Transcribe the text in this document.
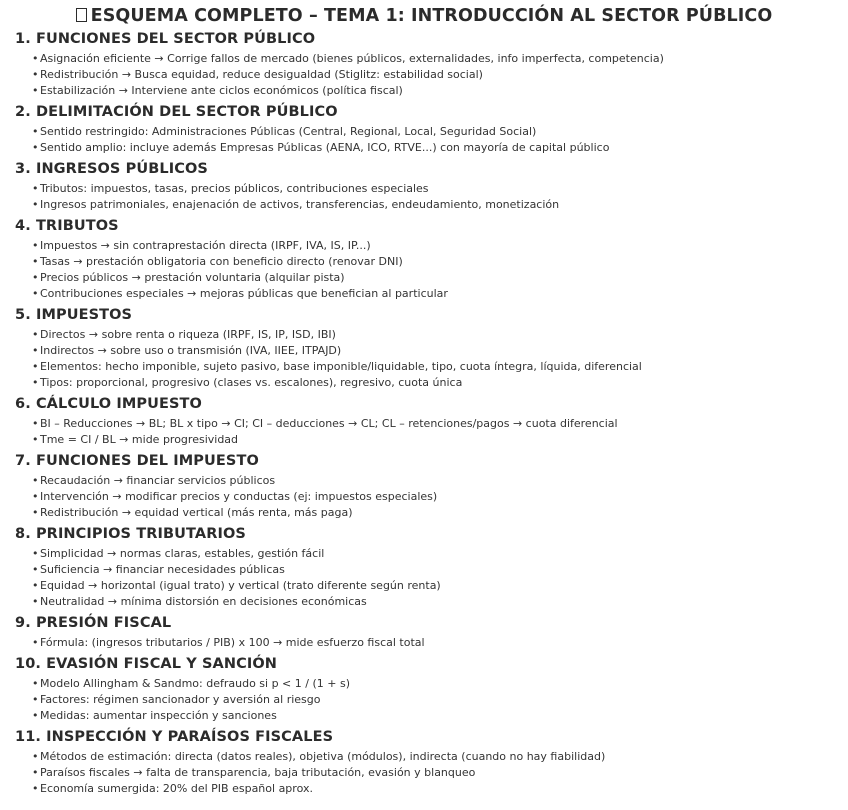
ESQUEMA COMPLETO – TEMA 1: INTRODUCCIÓN AL SECTOR PÚBLICO
1. FUNCIONES DEL SECTOR PÚBLICO
• Asignación eficiente → Corrige fallos de mercado (bienes públicos, externalidades, info imperfecta, competencia)
• Redistribución → Busca equidad, reduce desigualdad (Stiglitz: estabilidad social)
• Estabilización → Interviene ante ciclos económicos (política fiscal)
2. DELIMITACIÓN DEL SECTOR PÚBLICO
• Sentido restringido: Administraciones Públicas (Central, Regional, Local, Seguridad Social)
• Sentido amplio: incluye además Empresas Públicas (AENA, ICO, RTVE...) con mayoría de capital público
3. INGRESOS PÚBLICOS
• Tributos: impuestos, tasas, precios públicos, contribuciones especiales
• Ingresos patrimoniales, enajenación de activos, transferencias, endeudamiento, monetización
4. TRIBUTOS
• Impuestos → sin contraprestación directa (IRPF, IVA, IS, IP...)
• Tasas → prestación obligatoria con beneficio directo (renovar DNI)
• Precios públicos → prestación voluntaria (alquilar pista)
• Contribuciones especiales → mejoras públicas que benefician al particular
5. IMPUESTOS
• Directos → sobre renta o riqueza (IRPF, IS, IP, ISD, IBI)
• Indirectos → sobre uso o transmisión (IVA, IIEE, ITPAJD)
• Elementos: hecho imponible, sujeto pasivo, base imponible/liquidable, tipo, cuota íntegra, líquida, diferencial
• Tipos: proporcional, progresivo (clases vs. escalones), regresivo, cuota única
6. CÁLCULO IMPUESTO
• BI – Reducciones → BL; BL x tipo → CI; CI – deducciones → CL; CL – retenciones/pagos → cuota diferencial
• Tme = CI / BL → mide progresividad
7. FUNCIONES DEL IMPUESTO
• Recaudación → financiar servicios públicos
• Intervención → modificar precios y conductas (ej: impuestos especiales)
• Redistribución → equidad vertical (más renta, más paga)
8. PRINCIPIOS TRIBUTARIOS
• Simplicidad → normas claras, estables, gestión fácil
• Suficiencia → financiar necesidades públicas
• Equidad → horizontal (igual trato) y vertical (trato diferente según renta)
• Neutralidad → mínima distorsión en decisiones económicas
9. PRESIÓN FISCAL
• Fórmula: (ingresos tributarios / PIB) x 100 → mide esfuerzo fiscal total
10. EVASIÓN FISCAL Y SANCIÓN
• Modelo Allingham & Sandmo: defraudo si p < 1 / (1 + s)
• Factores: régimen sancionador y aversión al riesgo
• Medidas: aumentar inspección y sanciones
11. INSPECCIÓN Y PARAÍSOS FISCALES
• Métodos de estimación: directa (datos reales), objetiva (módulos), indirecta (cuando no hay fiabilidad)
• Paraísos fiscales → falta de transparencia, baja tributación, evasión y blanqueo
• Economía sumergida: 20% del PIB español aprox.
